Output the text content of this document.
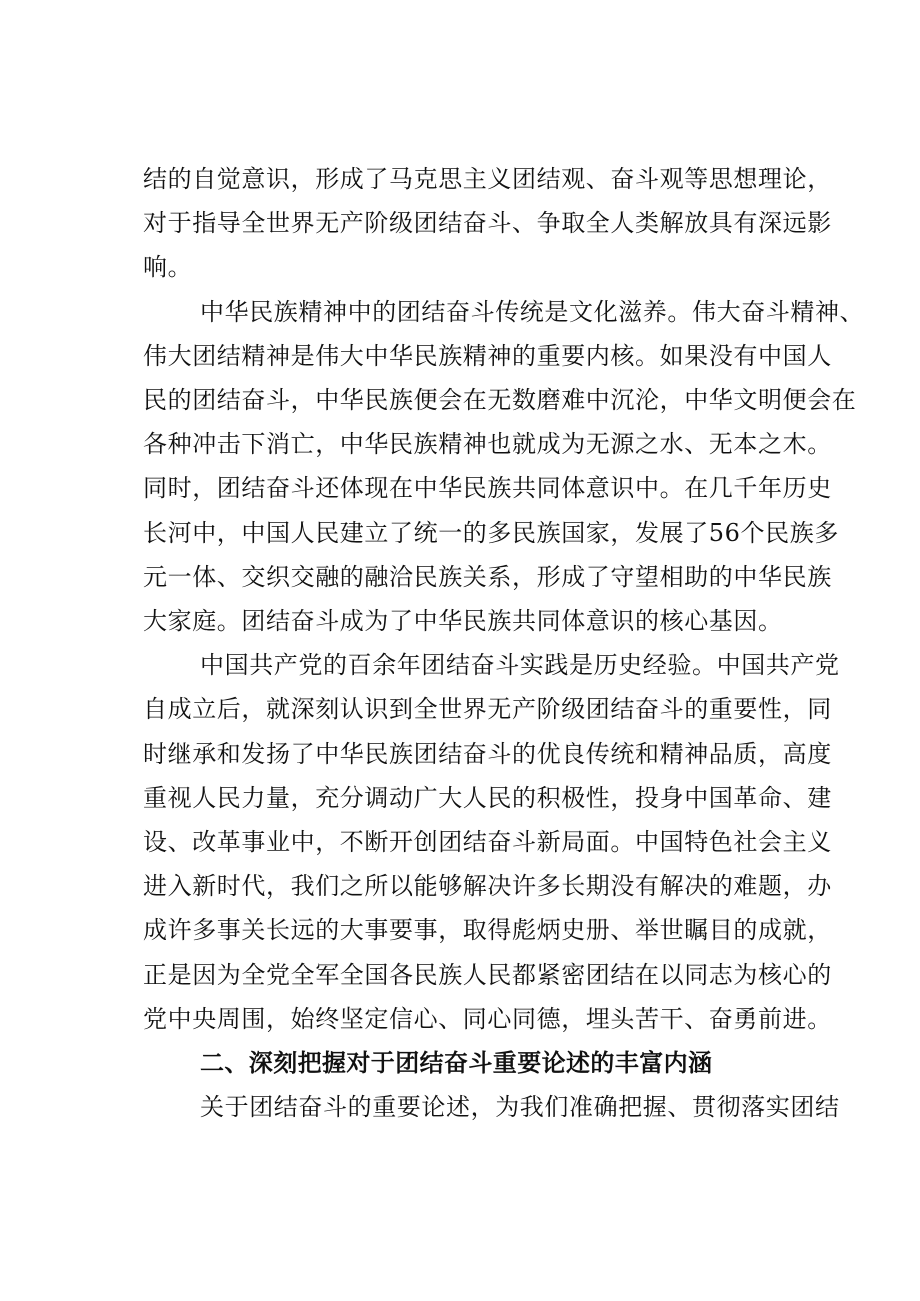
结的自觉意识，形成了马克思主义团结观、奋斗观等思想理论，
对于指导全世界无产阶级团结奋斗、争取全人类解放具有深远影
响。

中华民族精神中的团结奋斗传统是文化滋养。伟大奋斗精神、
伟大团结精神是伟大中华民族精神的重要内核。如果没有中国人
民的团结奋斗，中华民族便会在无数磨难中沉沦，中华文明便会在
各种冲击下消亡，中华民族精神也就成为无源之水、无本之木。
同时，团结奋斗还体现在中华民族共同体意识中。在几千年历史
长河中，中国人民建立了统一的多民族国家，发展了56个民族多
元一体、交织交融的融洽民族关系，形成了守望相助的中华民族
大家庭。团结奋斗成为了中华民族共同体意识的核心基因。

中国共产党的百余年团结奋斗实践是历史经验。中国共产党
自成立后，就深刻认识到全世界无产阶级团结奋斗的重要性，同
时继承和发扬了中华民族团结奋斗的优良传统和精神品质，高度
重视人民力量，充分调动广大人民的积极性，投身中国革命、建
设、改革事业中，不断开创团结奋斗新局面。中国特色社会主义
进入新时代，我们之所以能够解决许多长期没有解决的难题，办
成许多事关长远的大事要事，取得彪炳史册、举世瞩目的成就，
正是因为全党全军全国各民族人民都紧密团结在以同志为核心的
党中央周围，始终坚定信心、同心同德，埋头苦干、奋勇前进。

二、深刻把握对于团结奋斗重要论述的丰富内涵

关于团结奋斗的重要论述，为我们准确把握、贯彻落实团结
